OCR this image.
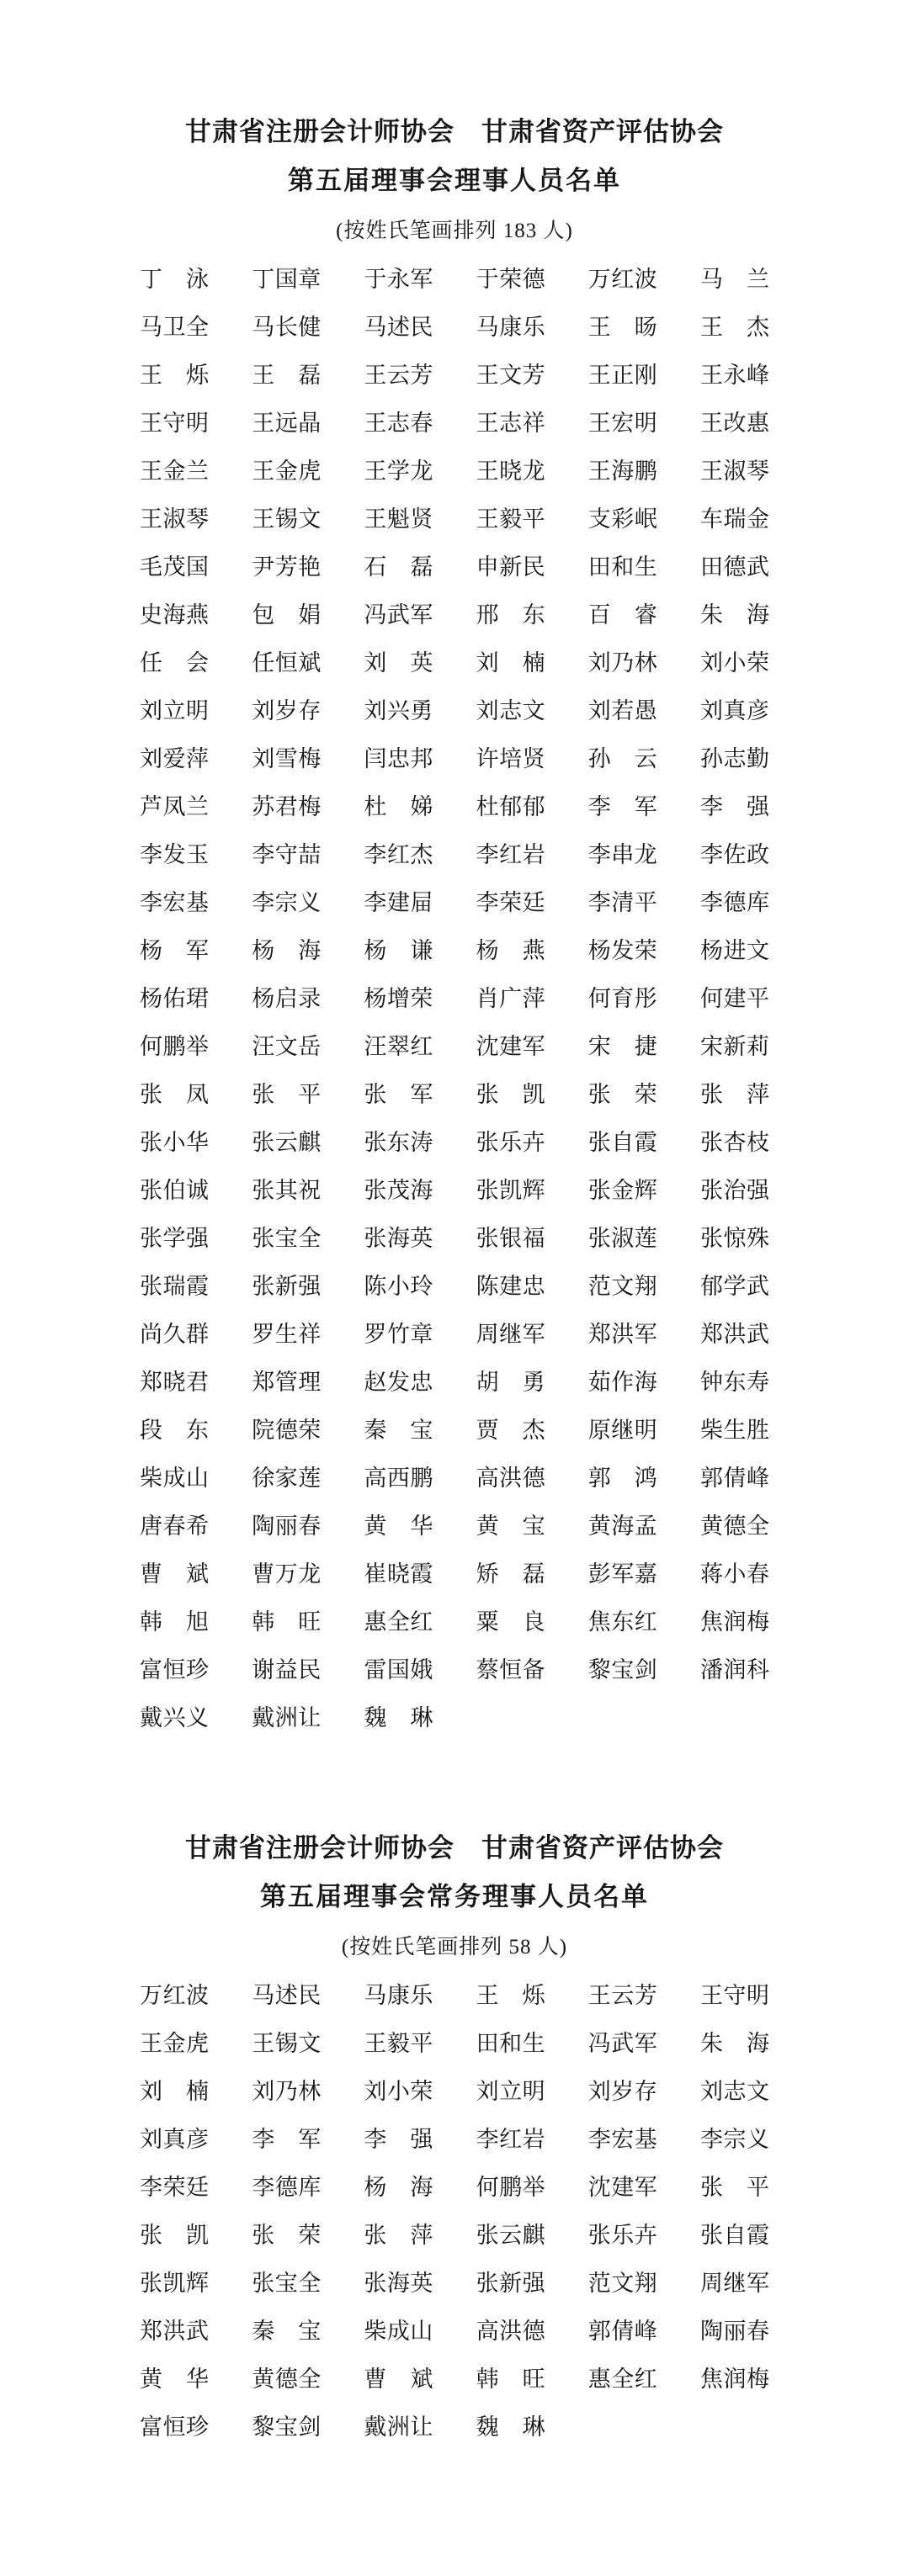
甘肃省注册会计师协会　甘肃省资产评估协会
第五届理事会理事人员名单
(按姓氏笔画排列 183 人)
丁 泳 丁 国 章 于 永 军 于 荣 德 万 红 波 马 兰
马 卫 全 马 长 健 马 述 民 马 康 乐 王 旸 王 杰
王 烁 王 磊 王 云 芳 王 文 芳 王 正 刚 王 永 峰
王 守 明 王 远 晶 王 志 春 王 志 祥 王 宏 明 王 改 惠
王 金 兰 王 金 虎 王 学 龙 王 晓 龙 王 海 鹏 王 淑 琴
王 淑 琴 王 锡 文 王 魁 贤 王 毅 平 支 彩 岷 车 瑞 金
毛 茂 国 尹 芳 艳 石 磊 申 新 民 田 和 生 田 德 武
史 海 燕 包 娟 冯 武 军 邢 东 百 睿 朱 海
任 会 任 恒 斌 刘 英 刘 楠 刘 乃 林 刘 小 荣
刘 立 明 刘 岁 存 刘 兴 勇 刘 志 文 刘 若 愚 刘 真 彦
刘 爱 萍 刘 雪 梅 闫 忠 邦 许 培 贤 孙 云 孙 志 勤
芦 凤 兰 苏 君 梅 杜 娣 杜 郁 郁 李 军 李 强
李 发 玉 李 守 喆 李 红 杰 李 红 岩 李 串 龙 李 佐 政
李 宏 基 李 宗 义 李 建 屇 李 荣 廷 李 清 平 李 德 库
杨 军 杨 海 杨 谦 杨 燕 杨 发 荣 杨 进 文
杨 佑 珺 杨 启 录 杨 增 荣 肖 广 萍 何 育 彤 何 建 平
何 鹏 举 汪 文 岳 汪 翠 红 沈 建 军 宋 捷 宋 新 莉
张 凤 张 平 张 军 张 凯 张 荣 张 萍
张 小 华 张 云 麒 张 东 涛 张 乐 卉 张 自 霞 张 杏 枝
张 伯 诚 张 其 祝 张 茂 海 张 凯 辉 张 金 辉 张 治 强
张 学 强 张 宝 全 张 海 英 张 银 福 张 淑 莲 张 惊 殊
张 瑞 霞 张 新 强 陈 小 玲 陈 建 忠 范 文 翔 郁 学 武
尚 久 群 罗 生 祥 罗 竹 章 周 继 军 郑 洪 军 郑 洪 武
郑 晓 君 郑 管 理 赵 发 忠 胡 勇 茹 作 海 钟 东 寿
段 东 院 德 荣 秦 宝 贾 杰 原 继 明 柴 生 胜
柴 成 山 徐 家 莲 高 西 鹏 高 洪 德 郭 鸿 郭 倩 峰
唐 春 希 陶 丽 春 黄 华 黄 宝 黄 海 孟 黄 德 全
曹 斌 曹 万 龙 崔 晓 霞 矫 磊 彭 军 嘉 蒋 小 春
韩 旭 韩 旺 惠 全 红 粟 良 焦 东 红 焦 润 梅
富 恒 珍 谢 益 民 雷 国 娥 蔡 恒 备 黎 宝 剑 潘 润 科
戴 兴 义 戴 洲 让 魏 琳
甘肃省注册会计师协会　甘肃省资产评估协会
第五届理事会常务理事人员名单
(按姓氏笔画排列 58 人)
万 红 波 马 述 民 马 康 乐 王 烁 王 云 芳 王 守 明
王 金 虎 王 锡 文 王 毅 平 田 和 生 冯 武 军 朱 海
刘 楠 刘 乃 林 刘 小 荣 刘 立 明 刘 岁 存 刘 志 文
刘 真 彦 李 军 李 强 李 红 岩 李 宏 基 李 宗 义
李 荣 廷 李 德 库 杨 海 何 鹏 举 沈 建 军 张 平
张 凯 张 荣 张 萍 张 云 麒 张 乐 卉 张 自 霞
张 凯 辉 张 宝 全 张 海 英 张 新 强 范 文 翔 周 继 军
郑 洪 武 秦 宝 柴 成 山 高 洪 德 郭 倩 峰 陶 丽 春
黄 华 黄 德 全 曹 斌 韩 旺 惠 全 红 焦 润 梅
富 恒 珍 黎 宝 剑 戴 洲 让 魏 琳
